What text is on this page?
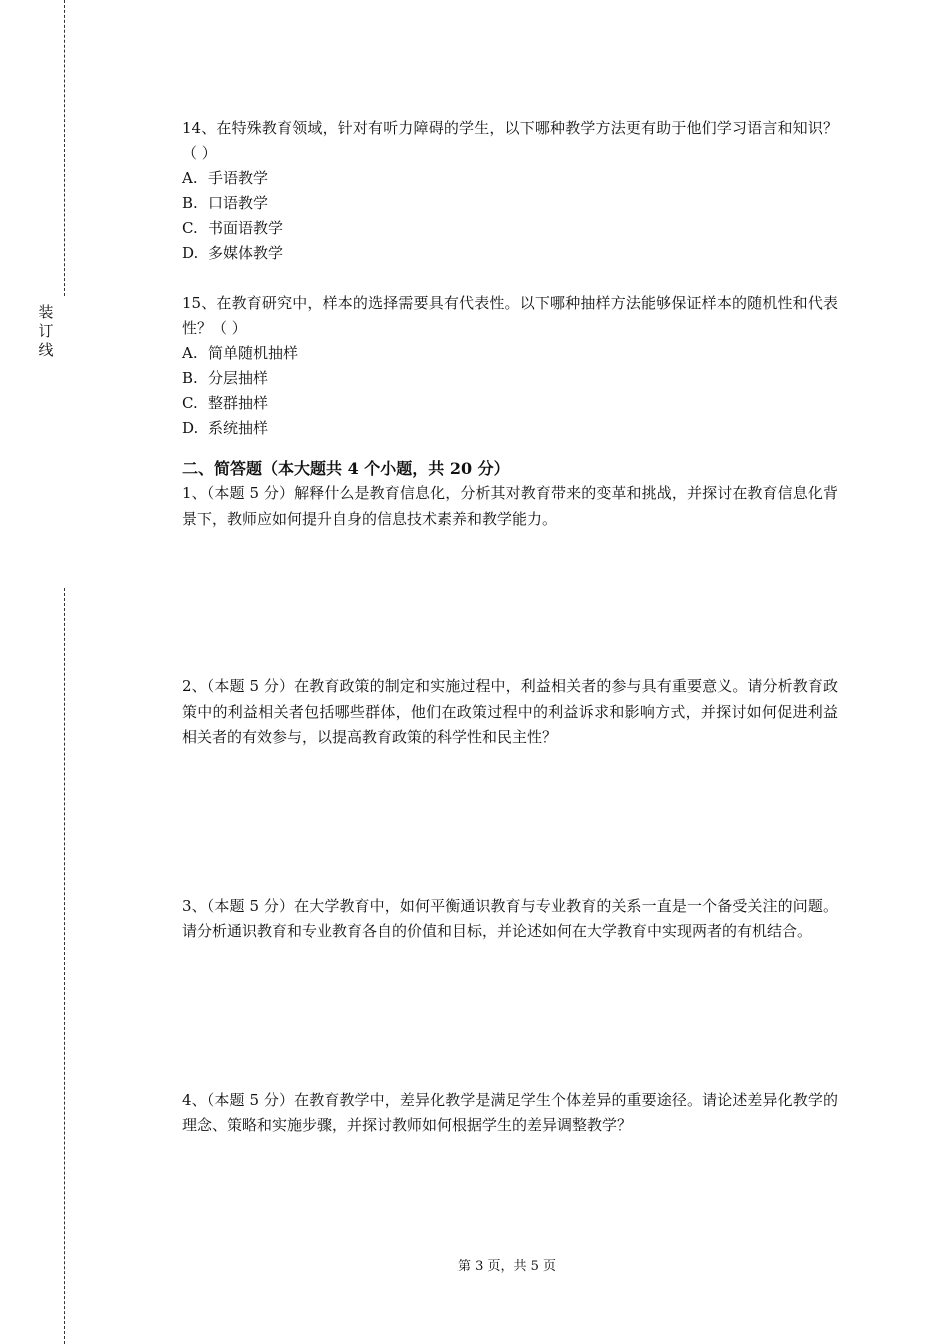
装
订
线
14、在特殊教育领域，针对有听力障碍的学生，以下哪种教学方法更有助于他们学习语言和知识？（ ）
A. 手语教学
B. 口语教学
C. 书面语教学
D. 多媒体教学
15、在教育研究中，样本的选择需要具有代表性。以下哪种抽样方法能够保证样本的随机性和代表性？（ ）
A. 简单随机抽样
B. 分层抽样
C. 整群抽样
D. 系统抽样
二、简答题（本大题共 4 个小题，共 20 分）
1、（本题 5 分）解释什么是教育信息化，分析其对教育带来的变革和挑战，并探讨在教育信息化背景下，教师应如何提升自身的信息技术素养和教学能力。
2、（本题 5 分）在教育政策的制定和实施过程中，利益相关者的参与具有重要意义。请分析教育政策中的利益相关者包括哪些群体，他们在政策过程中的利益诉求和影响方式，并探讨如何促进利益相关者的有效参与，以提高教育政策的科学性和民主性？
3、（本题 5 分）在大学教育中，如何平衡通识教育与专业教育的关系一直是一个备受关注的问题。请分析通识教育和专业教育各自的价值和目标，并论述如何在大学教育中实现两者的有机结合。
4、（本题 5 分）在教育教学中，差异化教学是满足学生个体差异的重要途径。请论述差异化教学的理念、策略和实施步骤，并探讨教师如何根据学生的差异调整教学？
第 3 页，共 5 页
